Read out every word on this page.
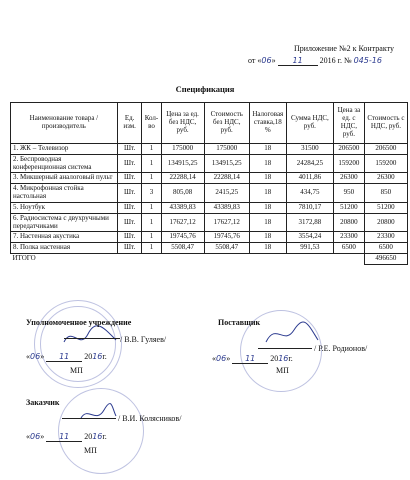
Приложение №2 к Контракту
от «06» 11 2016 г. № 045-16
Спецификация
Наименование товара / производитель	Ед. изм.	Кол-во	Цена за ед. без НДС, руб.	Стоимость без НДС, руб.	Налоговая ставка,18 %	Сумма НДС, руб.	Цена за ед. с НДС, руб.	Стоимость с НДС, руб.
1. ЖК – Телевизор	Шт.	1	175000	175000	18	31500	206500	206500
2. Беспроводная конференционная система	Шт.	1	134915,25	134915,25	18	24284,25	159200	159200
3. Микшерный аналоговый пульт	Шт.	1	22288,14	22288,14	18	4011,86	26300	26300
4. Микрофонная стойка настольная	Шт.	3	805,08	2415,25	18	434,75	950	850
5. Ноутбук	Шт.	1	43389,83	43389,83	18	7810,17	51200	51200
6. Радиосистема с двухручными передатчиками	Шт.	1	17627,12	17627,12	18	3172,88	20800	20800
7. Настенная акустика	Шт.	1	19745,76	19745,76	18	3554,24	23300	23300
8. Полка настенная	Шт.	1	5508,47	5508,47	18	991,53	6500	6500
ИТОГО								496650
Уполномоченное учреждение
/ В.В. Гуляев/
«06» 11 2016г.
МП
Поставщик
/ Р.Е. Родионов/
«06» 11 2016г.
МП
Заказчик
/ В.И. Колясников/
«06» 11 2016г.
МП
